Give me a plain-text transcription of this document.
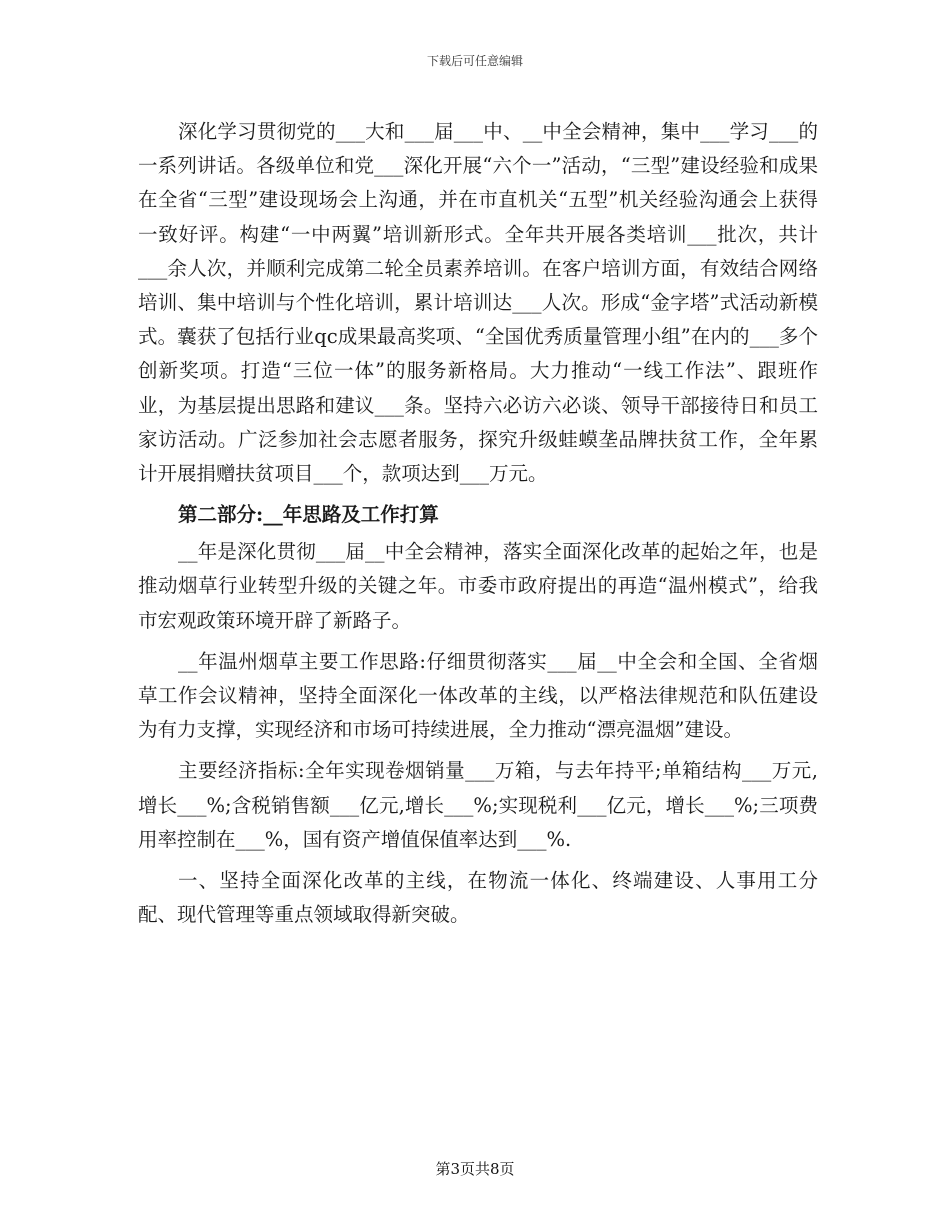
下载后可任意编辑

深化学习贯彻党的___大和___届___中、__中全会精神，集中___学习___的一系列讲话。各级单位和党___深化开展“六个一”活动，“三型”建设经验和成果在全省“三型”建设现场会上沟通，并在市直机关“五型”机关经验沟通会上获得一致好评。构建“一中两翼”培训新形式。全年共开展各类培训___批次，共计___余人次，并顺利完成第二轮全员素养培训。在客户培训方面，有效结合网络培训、集中培训与个性化培训，累计培训达___人次。形成“金字塔”式活动新模式。囊获了包括行业qc成果最高奖项、“全国优秀质量管理小组”在内的___多个创新奖项。打造“三位一体”的服务新格局。大力推动“一线工作法”、跟班作业，为基层提出思路和建议___条。坚持六必访六必谈、领导干部接待日和员工家访活动。广泛参加社会志愿者服务，探究升级蛙蟆垄品牌扶贫工作，全年累计开展捐赠扶贫项目___个，款项达到___万元。

第二部分:__年思路及工作打算

__年是深化贯彻___届__中全会精神，落实全面深化改革的起始之年，也是推动烟草行业转型升级的关键之年。市委市政府提出的再造“温州模式”，给我市宏观政策环境开辟了新路子。

__年温州烟草主要工作思路:仔细贯彻落实___届__中全会和全国、全省烟草工作会议精神，坚持全面深化一体改革的主线，以严格法律规范和队伍建设为有力支撑，实现经济和市场可持续进展，全力推动“漂亮温烟”建设。

主要经济指标:全年实现卷烟销量___万箱，与去年持平;单箱结构___万元,增长___%;含税销售额___亿元,增长___%;实现税利___亿元，增长___%;三项费用率控制在___%，国有资产增值保值率达到___%.

一、坚持全面深化改革的主线，在物流一体化、终端建设、人事用工分配、现代管理等重点领域取得新突破。

第3页共8页
